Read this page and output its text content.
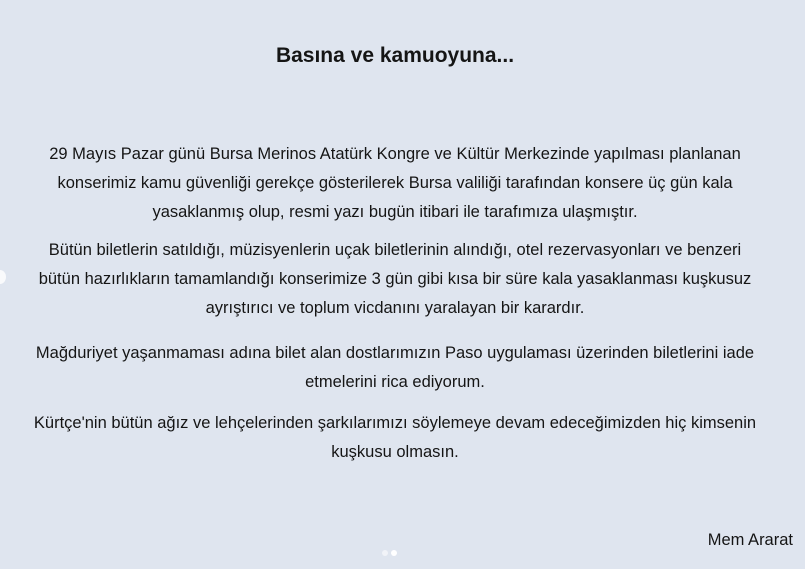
Basına ve kamuoyuna...
29 Mayıs Pazar günü Bursa Merinos Atatürk Kongre ve Kültür Merkezinde yapılması planlanan
konserimiz kamu güvenliği gerekçe gösterilerek Bursa valiliği tarafından konsere üç gün kala
yasaklanmış olup, resmi yazı bugün itibari ile tarafımıza ulaşmıştır.
Bütün biletlerin satıldığı, müzisyenlerin uçak biletlerinin alındığı, otel rezervasyonları ve benzeri
bütün hazırlıkların tamamlandığı konserimize 3 gün gibi kısa bir süre kala yasaklanması kuşkusuz
ayrıştırıcı ve toplum vicdanını yaralayan bir karardır.
Mağduriyet yaşanmaması adına bilet alan dostlarımızın Paso uygulaması üzerinden biletlerini iade
etmelerini rica ediyorum.
Kürtçe'nin bütün ağız ve lehçelerinden şarkılarımızı söylemeye devam edeceğimizden hiç kimsenin
kuşkusu olmasın.
Mem Ararat
